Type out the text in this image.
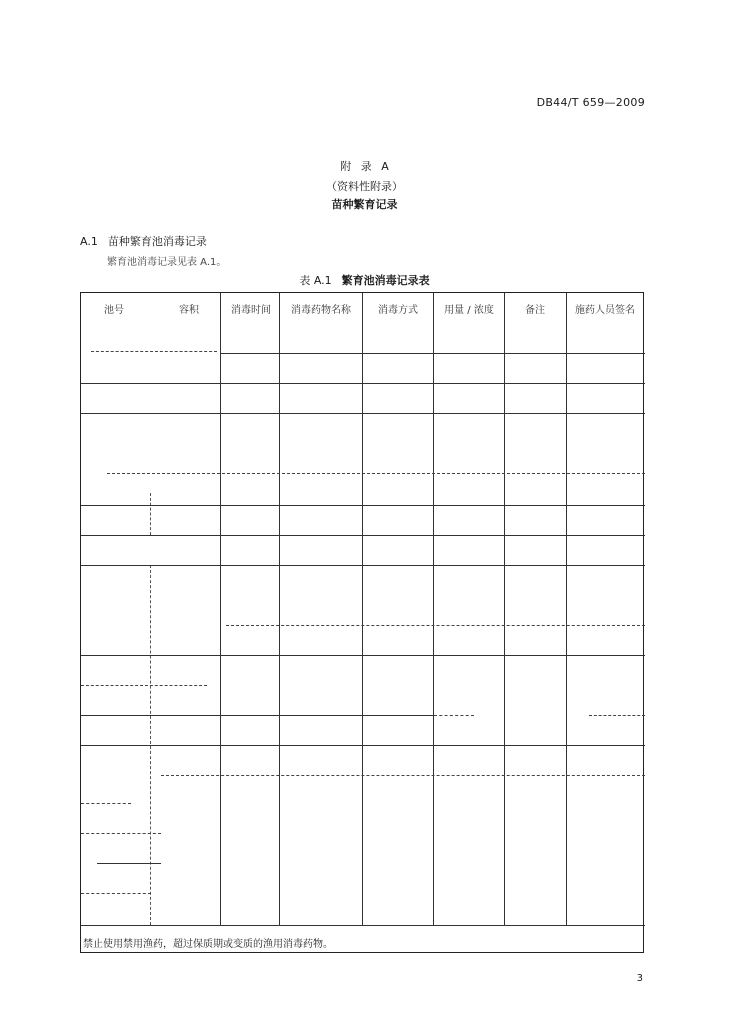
DB44/T 659—2009
附 录 A
（资料性附录）
苗种繁育记录
A.1 苗种繁育池消毒记录
繁育池消毒记录见表 A.1。
表 A.1 繁育池消毒记录表
池号	容积	消毒时间	消毒药物名称	消毒方式	用量 / 浓度	备注	施药人员签名
禁止使用禁用渔药，超过保质期或变质的渔用消毒药物。
3
